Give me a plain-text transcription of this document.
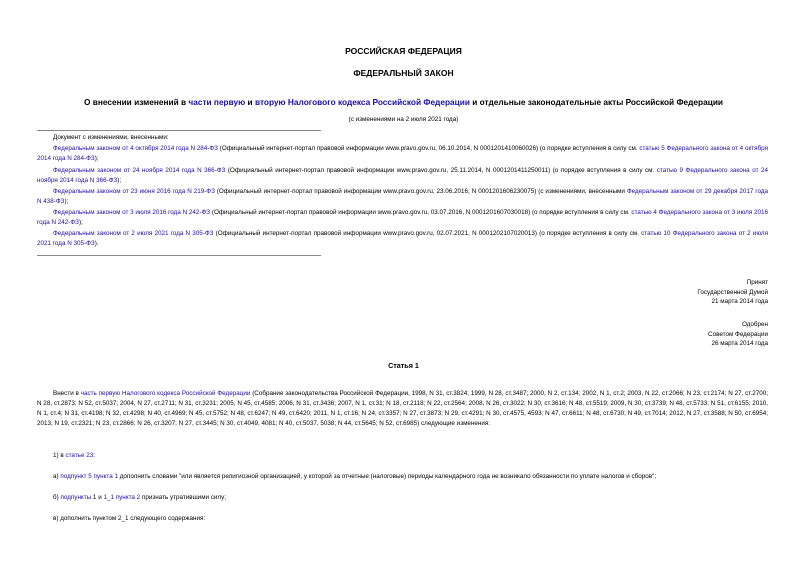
РОССИЙСКАЯ ФЕДЕРАЦИЯ
ФЕДЕРАЛЬНЫЙ ЗАКОН
О внесении изменений в части первую и вторую Налогового кодекса Российской Федерации и отдельные законодательные акты Российской Федерации
(с изменениями на 2 июля 2021 года)
Документ с изменениями, внесенными:
Федеральным законом от 4 октября 2014 года N 284-ФЗ (Официальный интернет-портал правовой информации www.pravo.gov.ru, 06.10.2014, N 0001201410060026) (о порядке вступления в силу см. статью 5 Федерального закона от 4 октября 2014 года N 284-ФЗ);
Федеральным законом от 24 ноября 2014 года N 366-ФЗ (Официальный интернет-портал правовой информации www.pravo.gov.ru, 25.11.2014, N 0001201411250011) (о порядке вступления в силу см. статью 9 Федерального закона от 24 ноября 2014 года N 366-ФЗ);
Федеральным законом от 23 июня 2016 года N 219-ФЗ (Официальный интернет-портал правовой информации www.pravo.gov.ru, 23.06.2016, N 0001201606230075) (с изменениями, внесенными Федеральным законом от 29 декабря 2017 года N 438-ФЗ);
Федеральным законом от 3 июля 2016 года N 242-ФЗ (Официальный интернет-портал правовой информации www.pravo.gov.ru, 03.07.2016, N 0001201607030018) (о порядке вступления в силу см. статью 4 Федерального закона от 3 июля 2016 года N 242-ФЗ);
Федеральным законом от 2 июля 2021 года N 305-ФЗ (Официальный интернет-портал правовой информации www.pravo.gov.ru, 02.07.2021, N 0001202107020013) (о порядке вступления в силу см. статью 10 Федерального закона от 2 июля 2021 года N 305-ФЗ).
Принят
Государственной Думой
21 марта 2014 года
Одобрен
Советом Федерации
26 марта 2014 года
Статья 1
Внести в часть первую Налогового кодекса Российской Федерации (Собрание законодательства Российской Федерации, 1998, N 31, ст.3824; 1999, N 28, ст.3487; 2000, N 2, ст.134; 2002, N 1, ст.2; 2003, N 22, ст.2066; N 23, ст.2174; N 27, ст.2700; N 28, ст.2873; N 52, ст.5037; 2004, N 27, ст.2711; N 31, ст.3231; 2005, N 45, ст.4585; 2006, N 31, ст.3436; 2007, N 1, ст.31; N 18, ст.2118; N 22, ст.2564; 2008, N 26, ст.3022; N 30, ст.3616; N 48, ст.5519; 2009, N 30, ст.3739; N 48, ст.5733; N 51, ст.6155; 2010, N 1, ст.4; N 31, ст.4198; N 32, ст.4298; N 40, ст.4969; N 45, ст.5752; N 48, ст.6247; N 49, ст.6420; 2011, N 1, ст.16; N 24, ст.3357; N 27, ст.3873; N 29, ст.4291; N 30, ст.4575, 4593; N 47, ст.6611; N 48, ст.6730; N 49, ст.7014; 2012, N 27, ст.3588; N 50, ст.6954; 2013, N 19, ст.2321; N 23, ст.2866; N 26, ст.3207; N 27, ст.3445; N 30, ст.4049, 4081; N 40, ст.5037, 5038; N 44, ст.5645; N 52, ст.6985) следующие изменения:
1) в статье 23:
а) подпункт 5 пункта 1 дополнить словами "или является религиозной организацией, у которой за отчетные (налоговые) периоды календарного года не возникало обязанности по уплате налогов и сборов";
б) подпункты 1 и 1_1 пункта 2 признать утратившими силу;
в) дополнить пунктом 2_1 следующего содержания:
